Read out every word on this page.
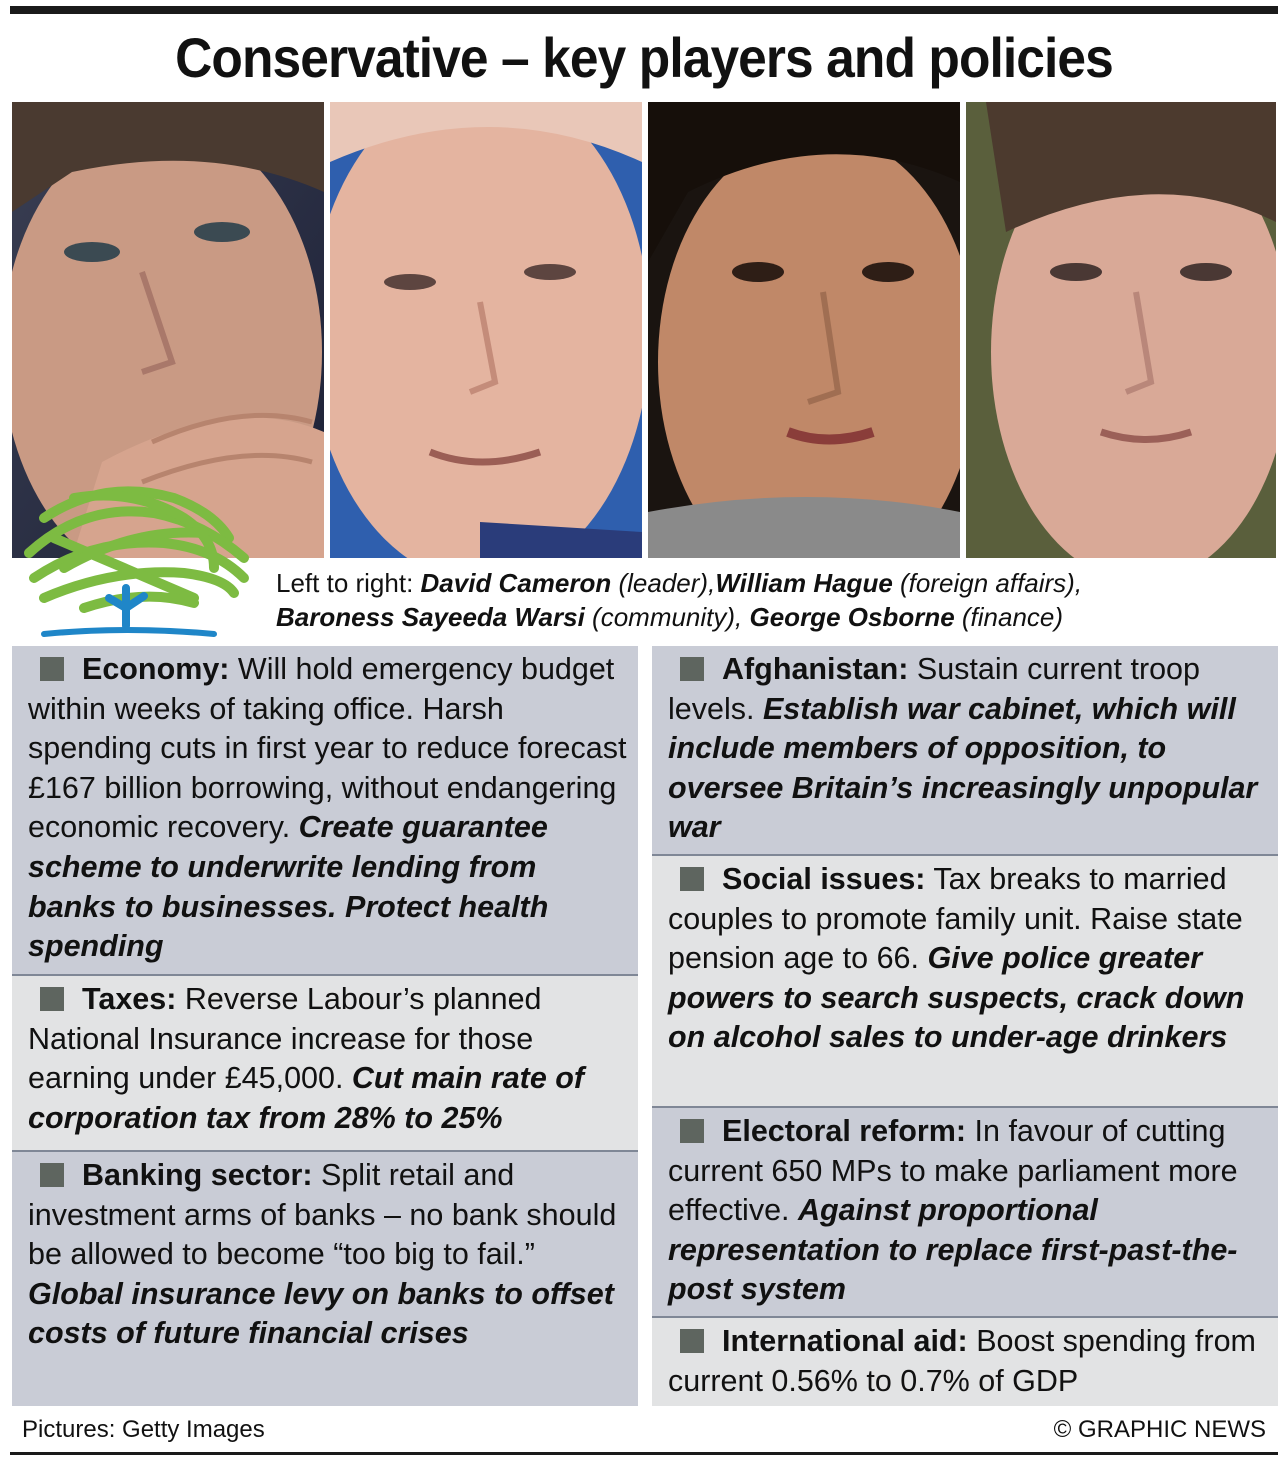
Conservative – key players and policies
Left to right: David Cameron (leader),William Hague (foreign affairs),
Baroness Sayeeda Warsi (community), George Osborne (finance)
Economy: Will hold emergency budget within weeks of taking office. Harsh spending cuts in first year to reduce forecast £167 billion borrowing, without endangering economic recovery. Create guarantee scheme to underwrite lending from banks to businesses. Protect health spending
Taxes: Reverse Labour’s planned National Insurance increase for those earning under £45,000. Cut main rate of corporation tax from 28% to 25%
Banking sector: Split retail and investment arms of banks – no bank should be allowed to become “too big to fail.” Global insurance levy on banks to offset costs of future financial crises
Afghanistan: Sustain current troop levels. Establish war cabinet, which will include members of opposition, to oversee Britain’s increasingly unpopular war
Social issues: Tax breaks to married couples to promote family unit. Raise state pension age to 66. Give police greater powers to search suspects, crack down on alcohol sales to under-age drinkers
Electoral reform: In favour of cutting current 650 MPs to make parliament more effective. Against proportional representation to replace first-past-the-post system
International aid: Boost spending from current 0.56% to 0.7% of GDP
Pictures: Getty Images	© GRAPHIC NEWS
